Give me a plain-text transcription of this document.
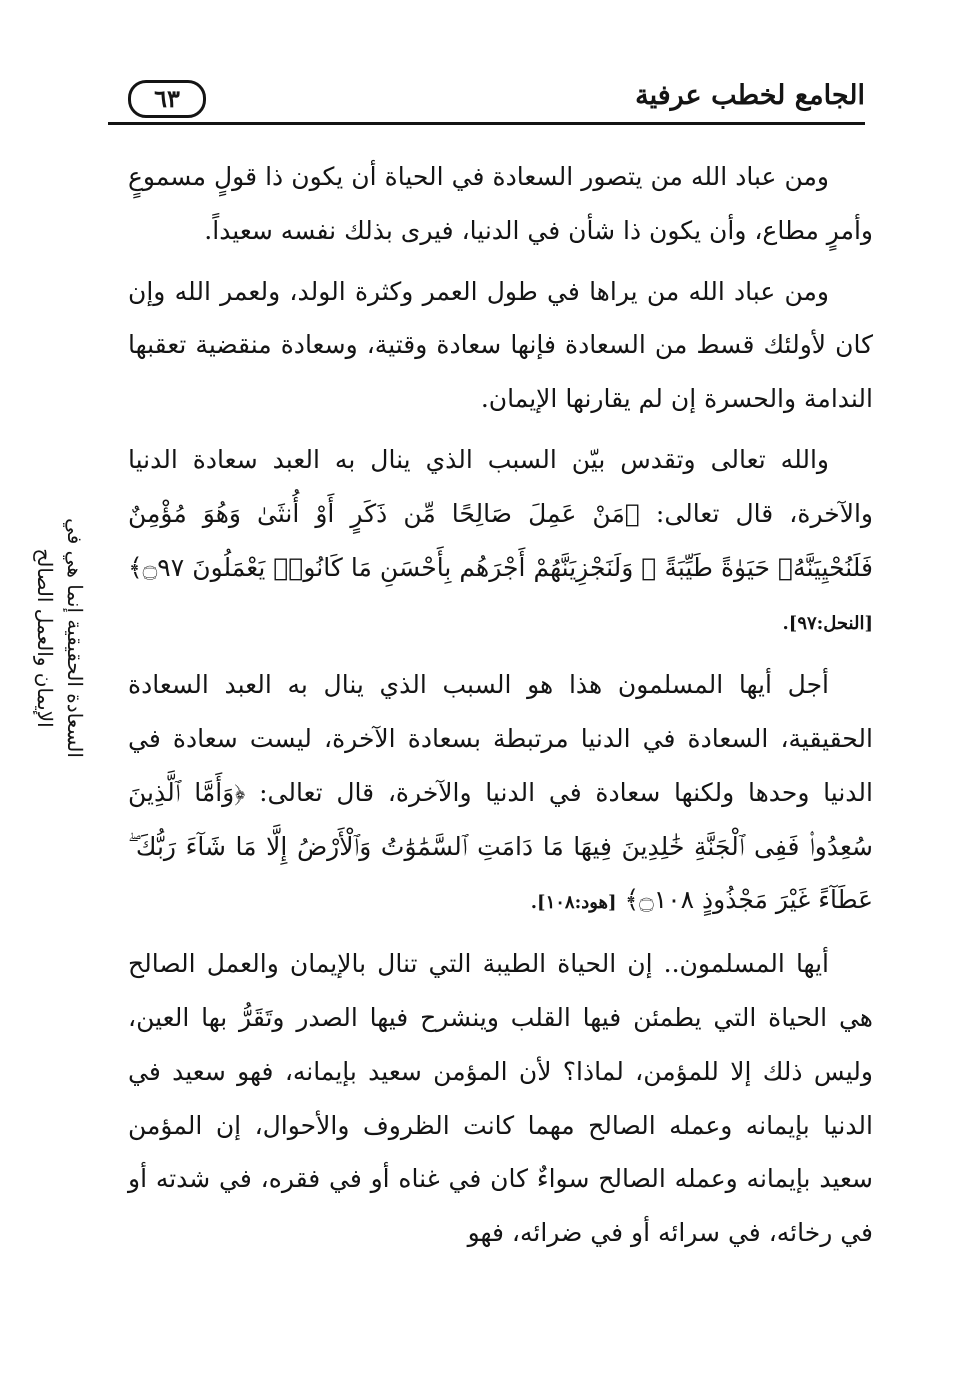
الجامع لخطب عرفية
٦٣
السعادة الحقيقية إنما هي في
الإيمان والعمل الصالح

ومن عباد الله من يتصور السعادة في الحياة أن يكون ذا قولٍ مسموعٍ وأمرٍ مطاع، وأن يكون ذا شأن في الدنيا، فيرى بذلك نفسه سعيداً.

ومن عباد الله من يراها في طول العمر وكثرة الولد، ولعمر الله وإن كان لأولئك قسط من السعادة فإنها سعادة وقتية، وسعادة منقضية تعقبها الندامة والحسرة إن لم يقارنها الإيمان.

والله تعالى وتقدس بيّن السبب الذي ينال به العبد سعادة الدنيا والآخرة، قال تعالى: ﴿مَنْ عَمِلَ صَالِحًا مِّن ذَكَرٍ أَوْ أُنثَىٰ وَهُوَ مُؤْمِنٌ فَلَنُحْيِيَنَّهُۥ حَيَوٰةً طَيِّبَةً ۖ وَلَنَجْزِيَنَّهُمْ أَجْرَهُم بِأَحْسَنِ مَا كَانُوا۟ يَعْمَلُونَ ۝٩٧﴾ [النحل:٩٧].

أجل أيها المسلمون هذا هو السبب الذي ينال به العبد السعادة الحقيقية، السعادة في الدنيا مرتبطة بسعادة الآخرة، ليست سعادة في الدنيا وحدها ولكنها سعادة في الدنيا والآخرة، قال تعالى: ﴿وَأَمَّا ٱلَّذِينَ سُعِدُوا۟ فَفِى ٱلْجَنَّةِ خَٰلِدِينَ فِيهَا مَا دَامَتِ ٱلسَّمَٰوَٰتُ وَٱلْأَرْضُ إِلَّا مَا شَآءَ رَبُّكَ ۖ عَطَآءً غَيْرَ مَجْذُوذٍ ۝١٠٨﴾ [هود:١٠٨].

أيها المسلمون.. إن الحياة الطيبة التي تنال بالإيمان والعمل الصالح هي الحياة التي يطمئن فيها القلب وينشرح فيها الصدر وتَقَرُّ بها العين، وليس ذلك إلا للمؤمن، لماذا؟ لأن المؤمن سعيد بإيمانه، فهو سعيد في الدنيا بإيمانه وعمله الصالح مهما كانت الظروف والأحوال، إن المؤمن سعيد بإيمانه وعمله الصالح سواءٌ كان في غناه أو في فقره، في شدته أو في رخائه، في سرائه أو في ضرائه، فهو
